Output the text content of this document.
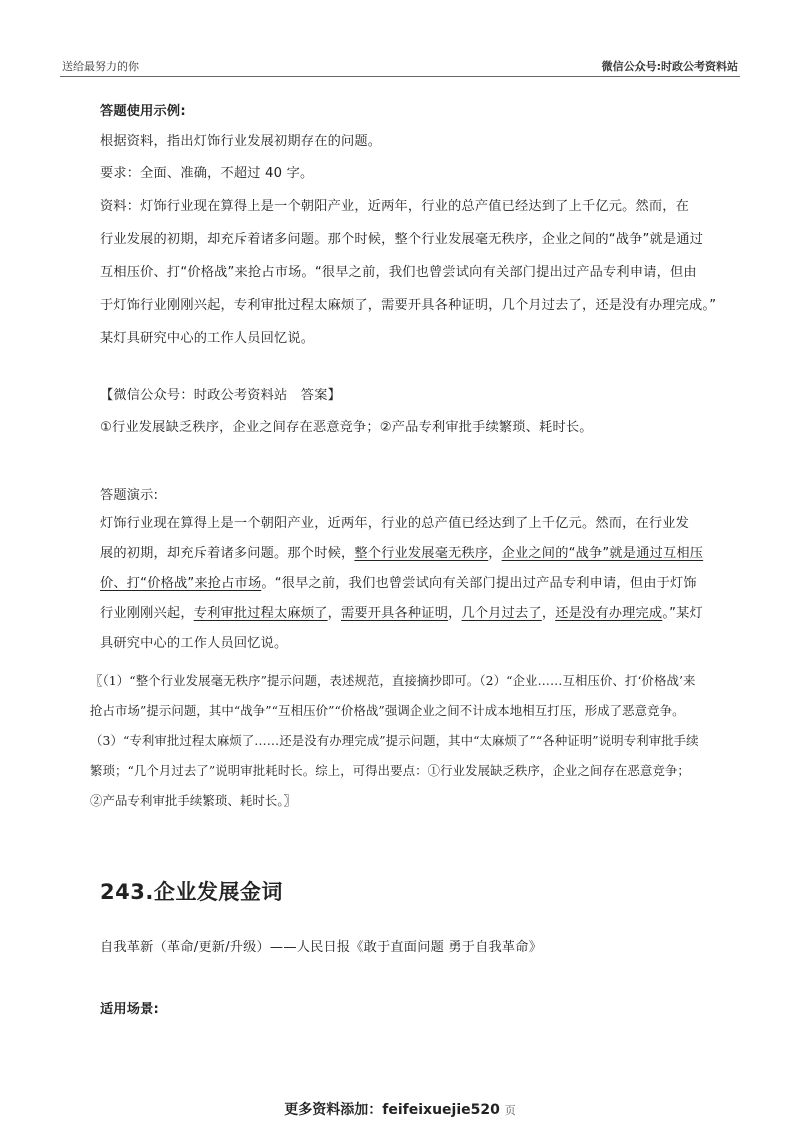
送给最努力的你	微信公众号:时政公考资料站
答题使用示例:
根据资料，指出灯饰行业发展初期存在的问题。
要求：全面、准确，不超过 40 字。
资料：灯饰行业现在算得上是一个朝阳产业，近两年，行业的总产值已经达到了上千亿元。然而，在
行业发展的初期，却充斥着诸多问题。那个时候，整个行业发展毫无秩序，企业之间的“战争”就是通过
互相压价、打“价格战”来抢占市场。“很早之前，我们也曾尝试向有关部门提出过产品专利申请，但由
于灯饰行业刚刚兴起，专利审批过程太麻烦了，需要开具各种证明，几个月过去了，还是没有办理完成。”
某灯具研究中心的工作人员回忆说。
【微信公众号：时政公考资料站　答案】
①行业发展缺乏秩序，企业之间存在恶意竞争；②产品专利审批手续繁琐、耗时长。
答题演示:
灯饰行业现在算得上是一个朝阳产业，近两年，行业的总产值已经达到了上千亿元。然而，在行业发
展的初期，却充斥着诸多问题。那个时候，整个行业发展毫无秩序，企业之间的“战争”就是通过互相压
价、打“价格战”来抢占市场。“很早之前，我们也曾尝试向有关部门提出过产品专利申请，但由于灯饰
行业刚刚兴起，专利审批过程太麻烦了，需要开具各种证明，几个月过去了，还是没有办理完成。”某灯
具研究中心的工作人员回忆说。
〖（1）“整个行业发展毫无秩序”提示问题，表述规范，直接摘抄即可。（2）“企业……互相压价、打‘价格战’来抢占市场”提示问题，其中“战争”“互相压价”“价格战”强调企业之间不计成本地相互打压，形成了恶意竞争。（3）“专利审批过程太麻烦了……还是没有办理完成”提示问题，其中“太麻烦了”“各种证明”说明专利审批手续繁琐；“几个月过去了”说明审批耗时长。综上，可得出要点：①行业发展缺乏秩序，企业之间存在恶意竞争；②产品专利审批手续繁琐、耗时长。〗
243.企业发展金词
自我革新（革命/更新/升级）——人民日报《敢于直面问题 勇于自我革命》
适用场景:
更多资料添加：feifeixuejie520 页
